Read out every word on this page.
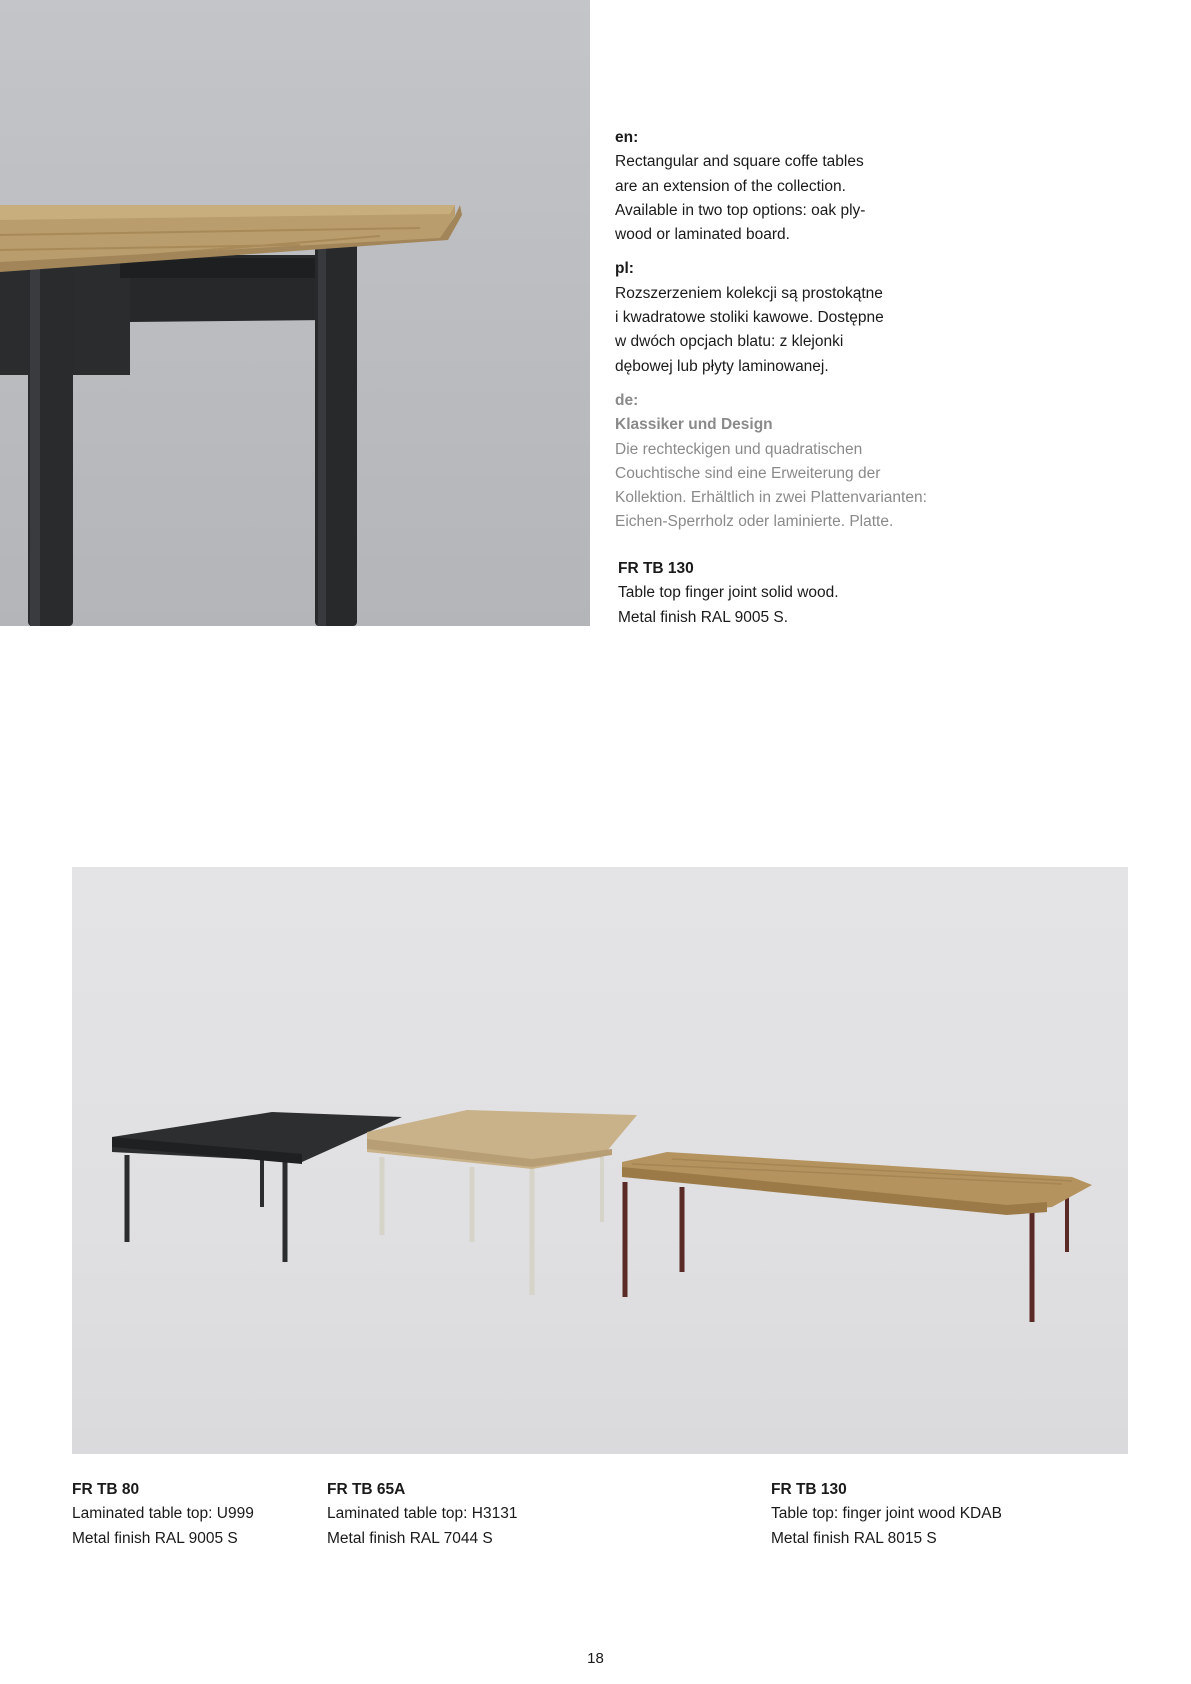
en:

Rectangular and square coffe tables

are an extension of the collection.

Available in two top options: oak ply-

wood or laminated board.

pl:

Rozszerzeniem kolekcji są prostokątne

i kwadratowe stoliki kawowe. Dostępne

w dwóch opcjach blatu: z klejonki

dębowej lub płyty laminowanej.

de:

Klassiker und Design

Die rechteckigen und quadratischen

Couchtische sind eine Erweiterung der

Kollektion. Erhältlich in zwei Plattenvarianten:

Eichen-Sperrholz oder laminierte. Platte.

FR TB 130
Table top finger joint solid wood.
Metal finish RAL 9005 S.
FR TB 80
Laminated table top: U999
Metal finish RAL 9005 S
FR TB 65A
Laminated table top: H3131
Metal finish RAL 7044 S
FR TB 130
Table top: finger joint wood KDAB
Metal finish RAL 8015 S
18
